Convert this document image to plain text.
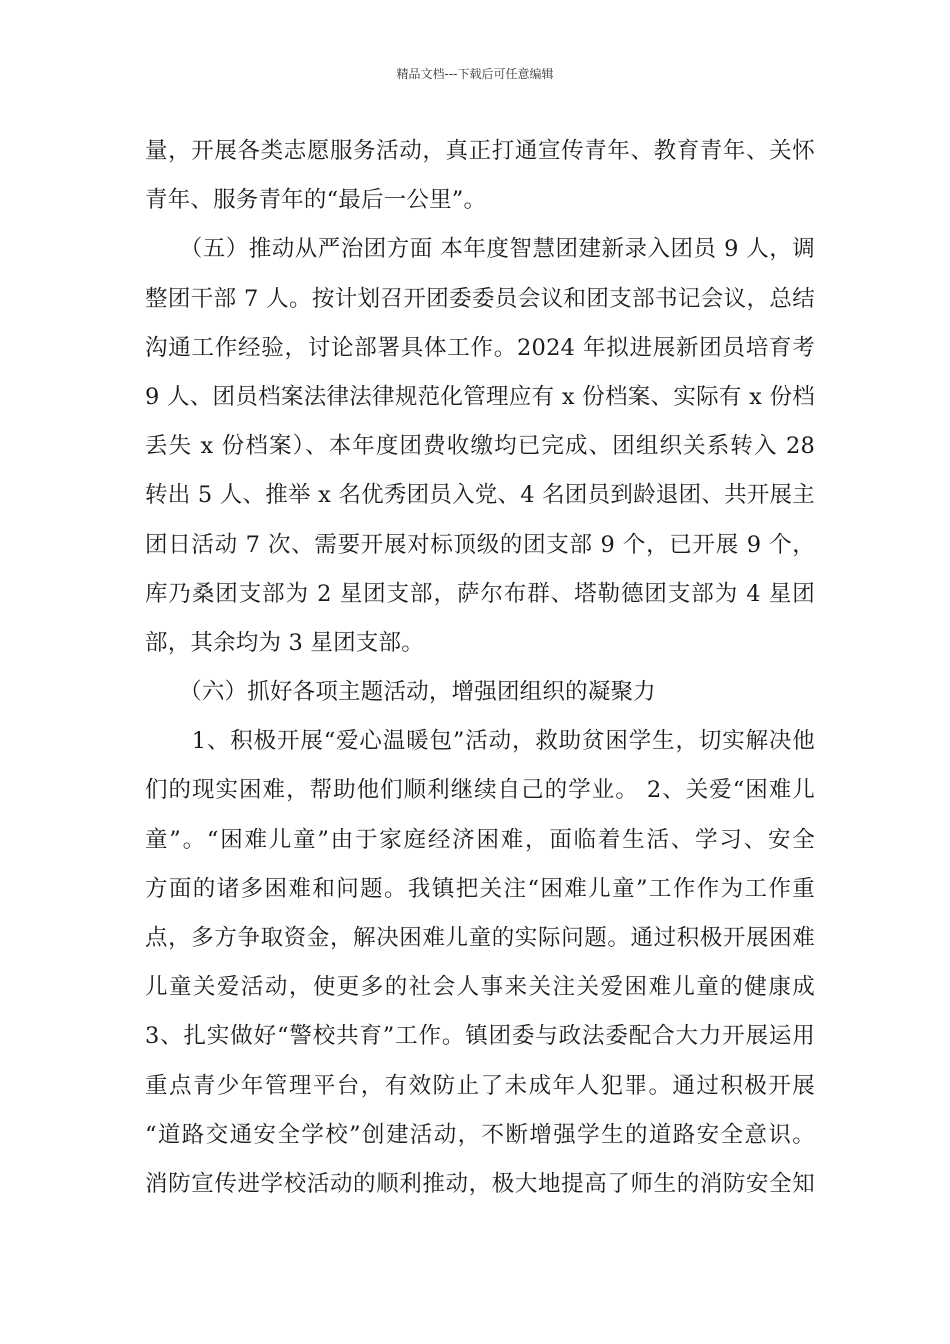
精品文档---下载后可任意编辑
量，开展各类志愿服务活动，真正打通宣传青年、教育青年、关怀
青年、服务青年的“最后一公里”。
　　（五）推动从严治团方面 本年度智慧团建新录入团员 9 人，调
整团干部 7 人。按计划召开团委委员会议和团支部书记会议，总结
沟通工作经验，讨论部署具体工作。2024 年拟进展新团员培育考
9 人、团员档案法律法律规范化管理应有 x 份档案、实际有 x 份档
丢失 x 份档案）、本年度团费收缴均已完成、团组织关系转入 28
转出 5 人、推举 x 名优秀团员入党、4 名团员到龄退团、共开展主
团日活动 7 次、需要开展对标顶级的团支部 9 个，已开展 9 个，
库乃桑团支部为 2 星团支部，萨尔布群、塔勒德团支部为 4 星团
部，其余均为 3 星团支部。
　　（六）抓好各项主题活动，增强团组织的凝聚力
　　1、积极开展“爱心温暖包”活动，救助贫困学生，切实解决他
们的现实困难，帮助他们顺利继续自己的学业。 2、关爱“困难儿
童”。“困难儿童”由于家庭经济困难，面临着生活、学习、安全
方面的诸多困难和问题。我镇把关注“困难儿童”工作作为工作重
点，多方争取资金，解决困难儿童的实际问题。通过积极开展困难
儿童关爱活动，使更多的社会人事来关注关爱困难儿童的健康成
3、扎实做好“警校共育”工作。镇团委与政法委配合大力开展运用
重点青少年管理平台，有效防止了未成年人犯罪。通过积极开展
“道路交通安全学校”创建活动，不断增强学生的道路安全意识。
消防宣传进学校活动的顺利推动，极大地提高了师生的消防安全知
